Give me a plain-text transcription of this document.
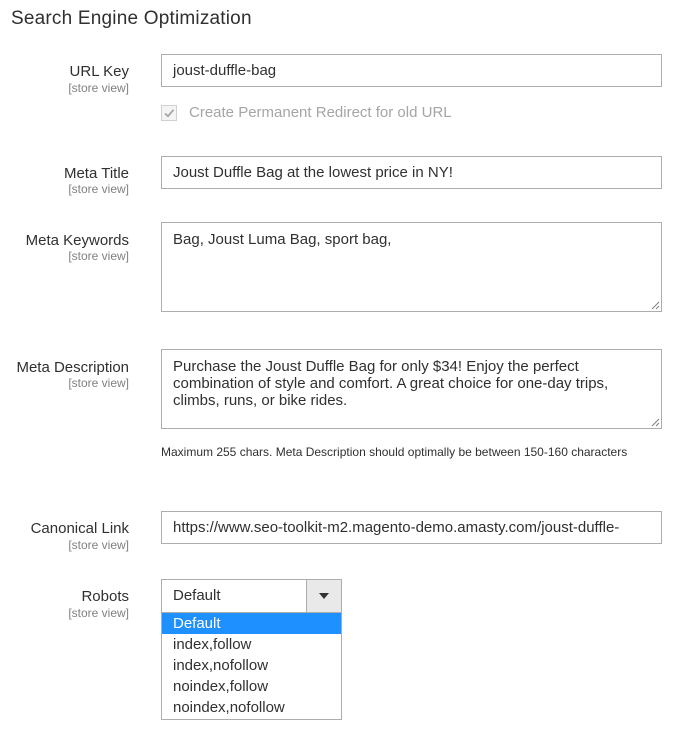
Search Engine Optimization
URL Key
[store view]
joust-duffle-bag
Create Permanent Redirect for old URL
Meta Title
[store view]
Joust Duffle Bag at the lowest price in NY!
Meta Keywords
[store view]
Bag, Joust Luma Bag, sport bag,
Meta Description
[store view]
Purchase the Joust Duffle Bag for only $34! Enjoy the perfect combination of style and comfort. A great choice for one-day trips, climbs, runs, or bike rides.
Maximum 255 chars. Meta Description should optimally be between 150-160 characters
Canonical Link
[store view]
https://www.seo-toolkit-m2.magento-demo.amasty.com/joust-duffle-
Robots
[store view]
Default
Default
index,follow
index,nofollow
noindex,follow
noindex,nofollow
